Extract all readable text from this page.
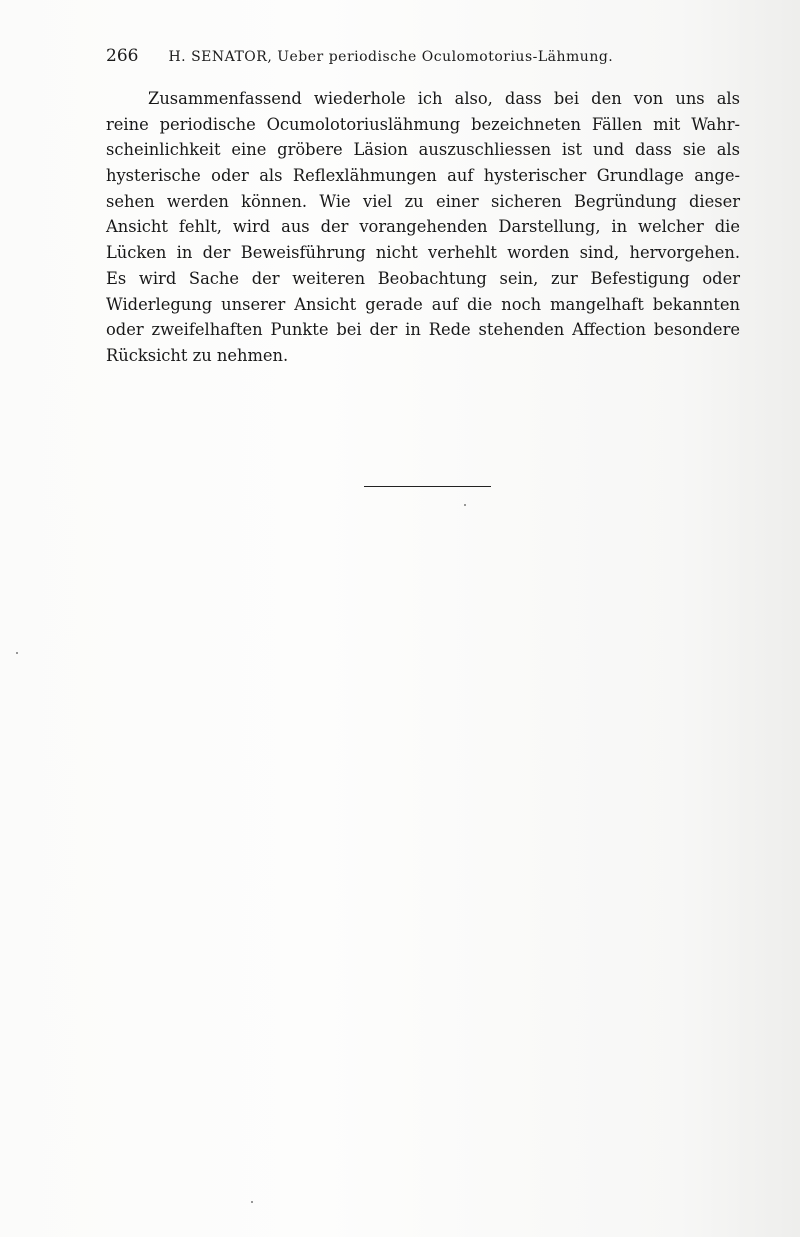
266 H. SENATOR, Ueber periodische Oculomotorius-Lähmung.
Zusammenfassend wiederhole ich also, dass bei den von uns als
reine periodische Ocumolotoriuslähmung bezeichneten Fällen mit Wahr-
scheinlichkeit eine gröbere Läsion auszuschliessen ist und dass sie als
hysterische oder als Reflexlähmungen auf hysterischer Grundlage ange-
sehen werden können. Wie viel zu einer sicheren Begründung dieser
Ansicht fehlt, wird aus der vorangehenden Darstellung, in welcher die
Lücken in der Beweisführung nicht verhehlt worden sind, hervorgehen.
Es wird Sache der weiteren Beobachtung sein, zur Befestigung oder
Widerlegung unserer Ansicht gerade auf die noch mangelhaft bekannten
oder zweifelhaften Punkte bei der in Rede stehenden Affection besondere
Rücksicht zu nehmen.
